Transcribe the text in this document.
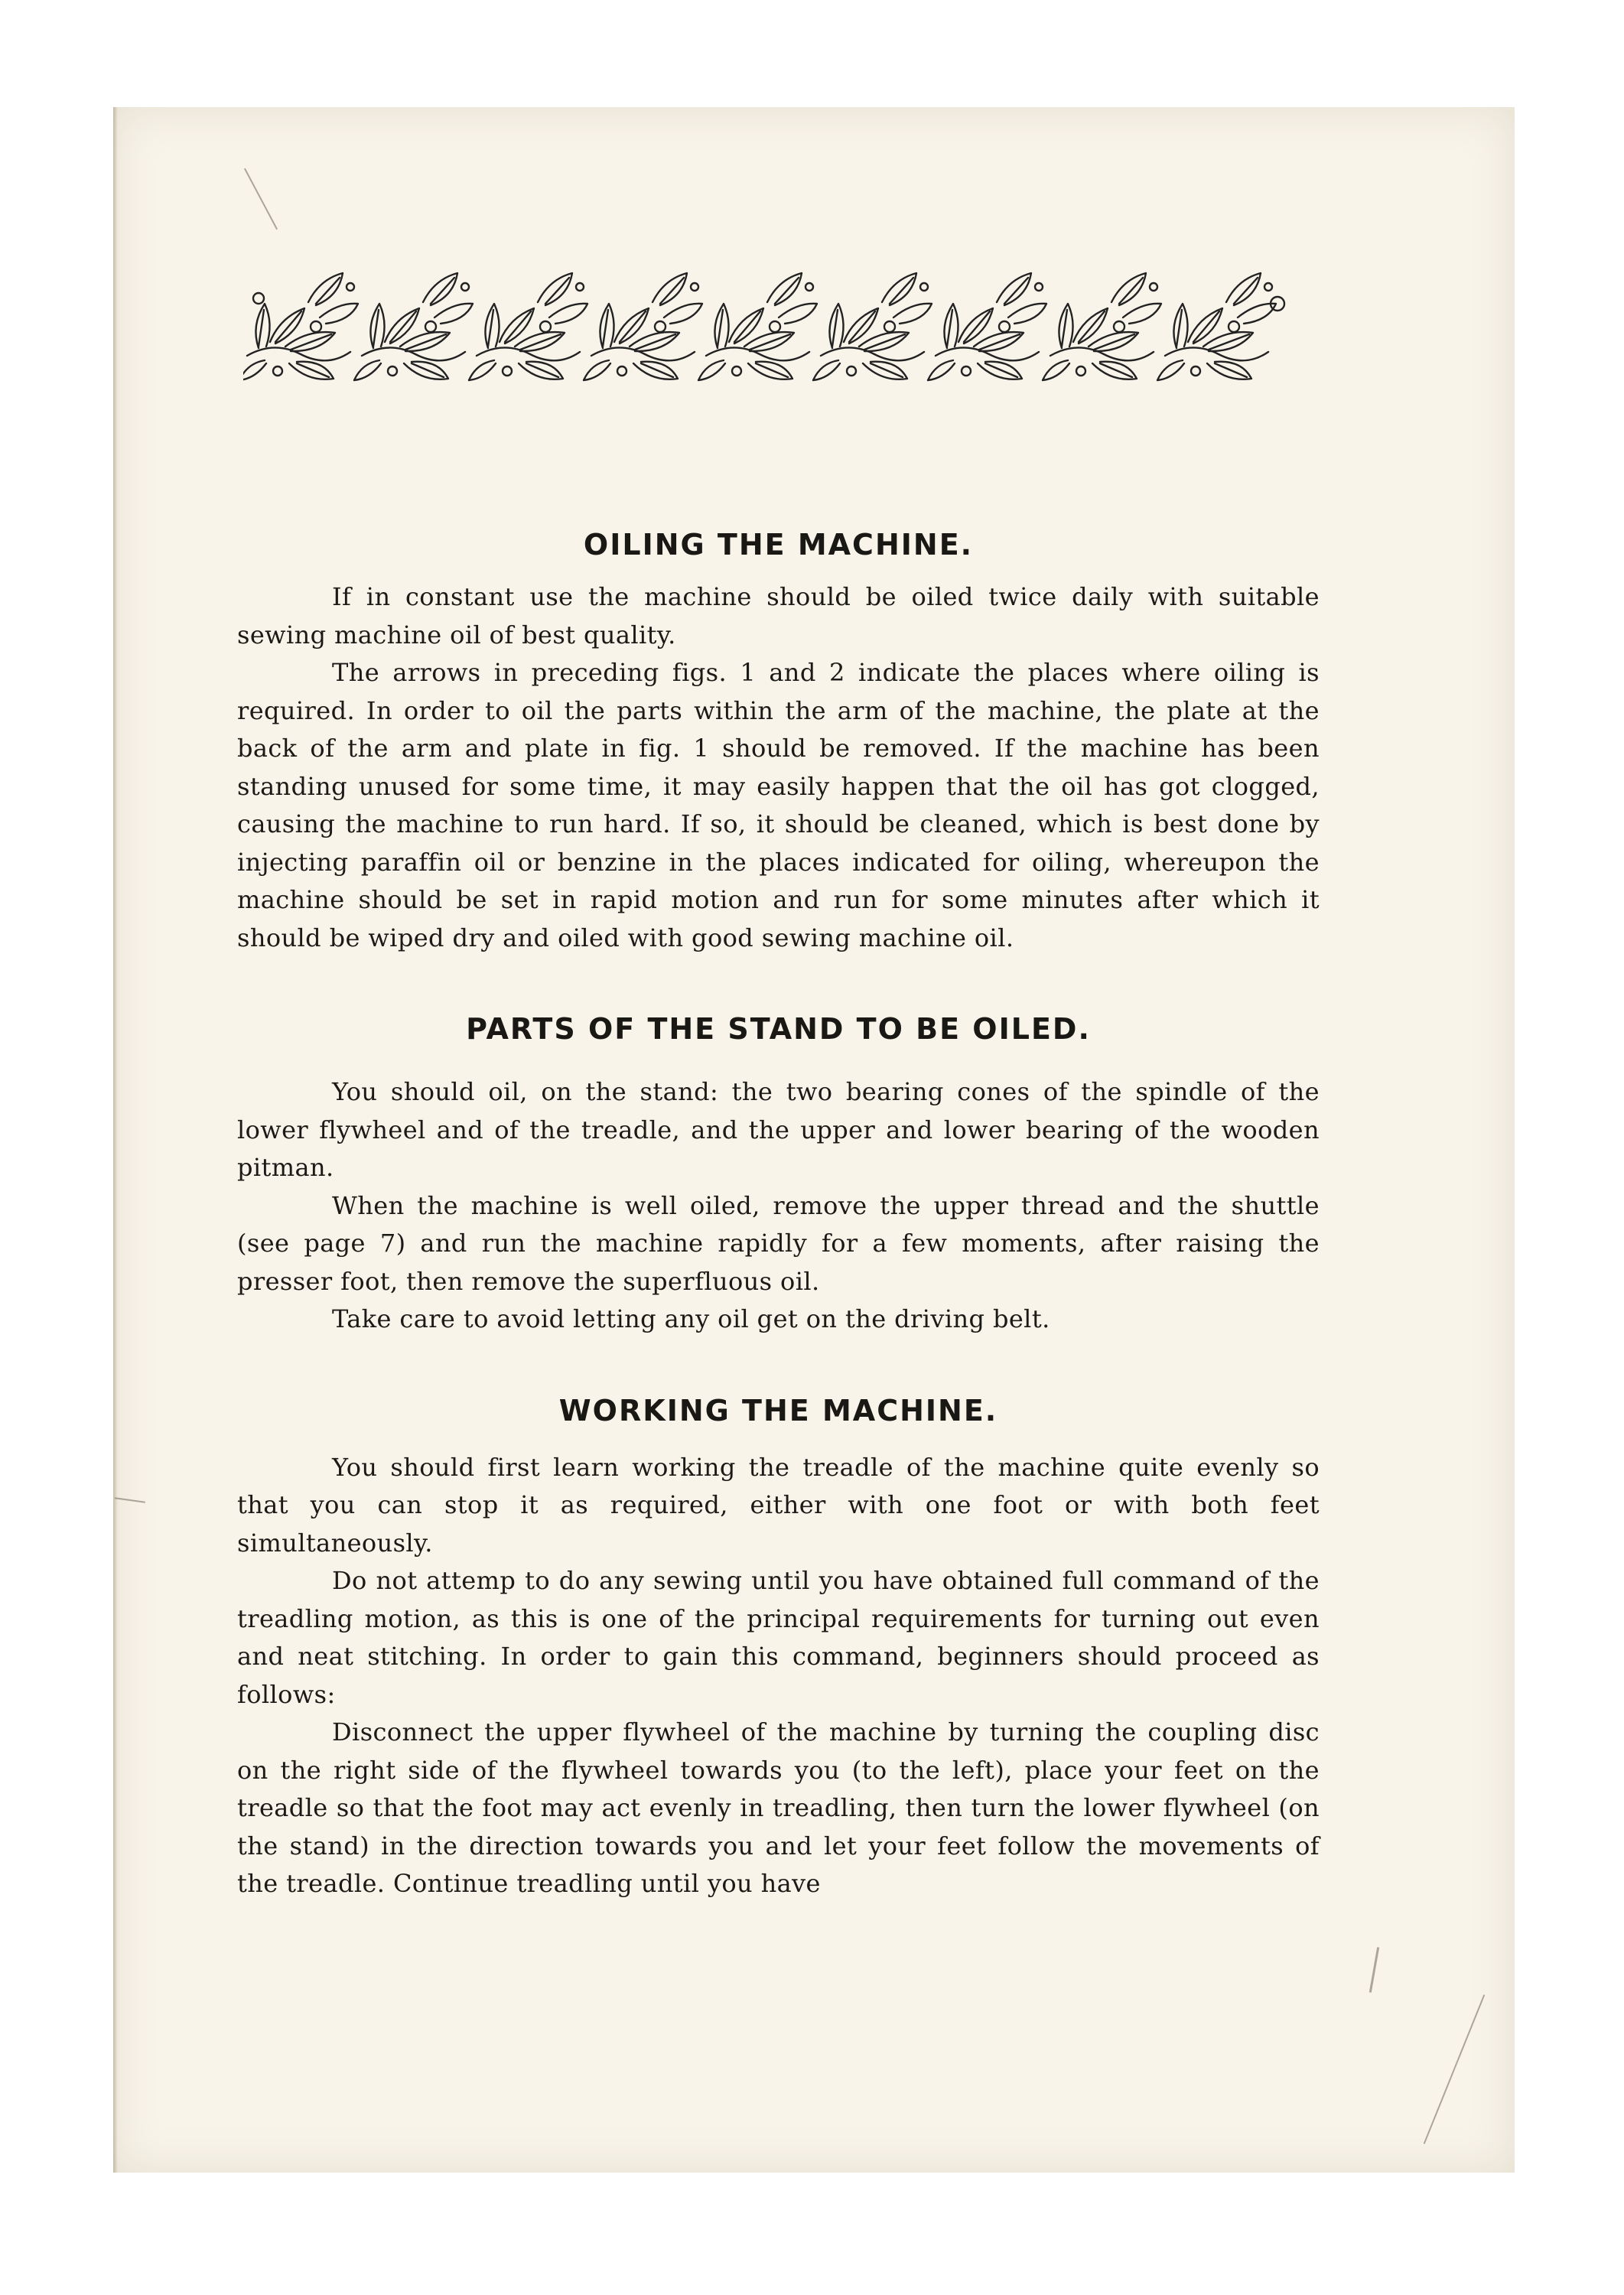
OILING THE MACHINE.

If in constant use the machine should be oiled twice daily with suitable sewing machine oil of best quality.

The arrows in preceding figs. 1 and 2 indicate the places where oiling is required. In order to oil the parts within the arm of the machine, the plate at the back of the arm and plate in fig. 1 should be removed. If the machine has been standing unused for some time, it may easily happen that the oil has got clogged, causing the machine to run hard. If so, it should be cleaned, which is best done by injecting paraffin oil or benzine in the places indicated for oiling, whereupon the machine should be set in rapid motion and run for some minutes after which it should be wiped dry and oiled with good sewing machine oil.

PARTS OF THE STAND TO BE OILED.

You should oil, on the stand: the two bearing cones of the spindle of the lower flywheel and of the treadle, and the upper and lower bearing of the wooden pitman.

When the machine is well oiled, remove the upper thread and the shuttle (see page 7) and run the machine rapidly for a few moments, after raising the presser foot, then remove the superfluous oil.

Take care to avoid letting any oil get on the driving belt.

WORKING THE MACHINE.

You should first learn working the treadle of the machine quite evenly so that you can stop it as required, either with one foot or with both feet simultaneously.

Do not attemp to do any sewing until you have obtained full command of the treadling motion, as this is one of the principal requirements for turning out even and neat stitching. In order to gain this command, beginners should proceed as follows:

Disconnect the upper flywheel of the machine by turning the coupling disc on the right side of the flywheel towards you (to the left), place your feet on the treadle so that the foot may act evenly in treadling, then turn the lower flywheel (on the stand) in the direction towards you and let your feet follow the movements of the treadle. Continue treadling until you have
